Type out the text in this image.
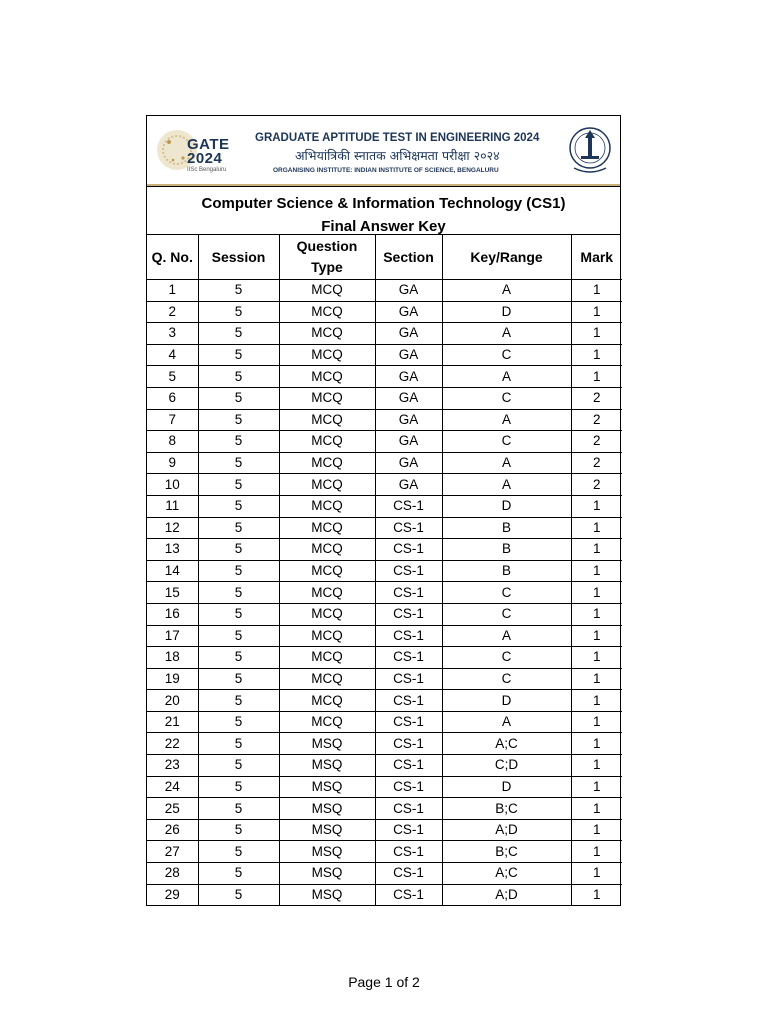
GATE
2024
IISc Bengaluru
GRADUATE APTITUDE TEST IN ENGINEERING 2024
अभियांत्रिकी स्नातक अभिक्षमता परीक्षा २०२४
ORGANISING INSTITUTE: INDIAN INSTITUTE OF SCIENCE, BENGALURU
Computer Science & Information Technology (CS1)
Final Answer Key
Q. No.	Session	Question Type	Section	Key/Range	Mark
1	5	MCQ	GA	A	1
2	5	MCQ	GA	D	1
3	5	MCQ	GA	A	1
4	5	MCQ	GA	C	1
5	5	MCQ	GA	A	1
6	5	MCQ	GA	C	2
7	5	MCQ	GA	A	2
8	5	MCQ	GA	C	2
9	5	MCQ	GA	A	2
10	5	MCQ	GA	A	2
11	5	MCQ	CS-1	D	1
12	5	MCQ	CS-1	B	1
13	5	MCQ	CS-1	B	1
14	5	MCQ	CS-1	B	1
15	5	MCQ	CS-1	C	1
16	5	MCQ	CS-1	C	1
17	5	MCQ	CS-1	A	1
18	5	MCQ	CS-1	C	1
19	5	MCQ	CS-1	C	1
20	5	MCQ	CS-1	D	1
21	5	MCQ	CS-1	A	1
22	5	MSQ	CS-1	A;C	1
23	5	MSQ	CS-1	C;D	1
24	5	MSQ	CS-1	D	1
25	5	MSQ	CS-1	B;C	1
26	5	MSQ	CS-1	A;D	1
27	5	MSQ	CS-1	B;C	1
28	5	MSQ	CS-1	A;C	1
29	5	MSQ	CS-1	A;D	1
Page 1 of 2
